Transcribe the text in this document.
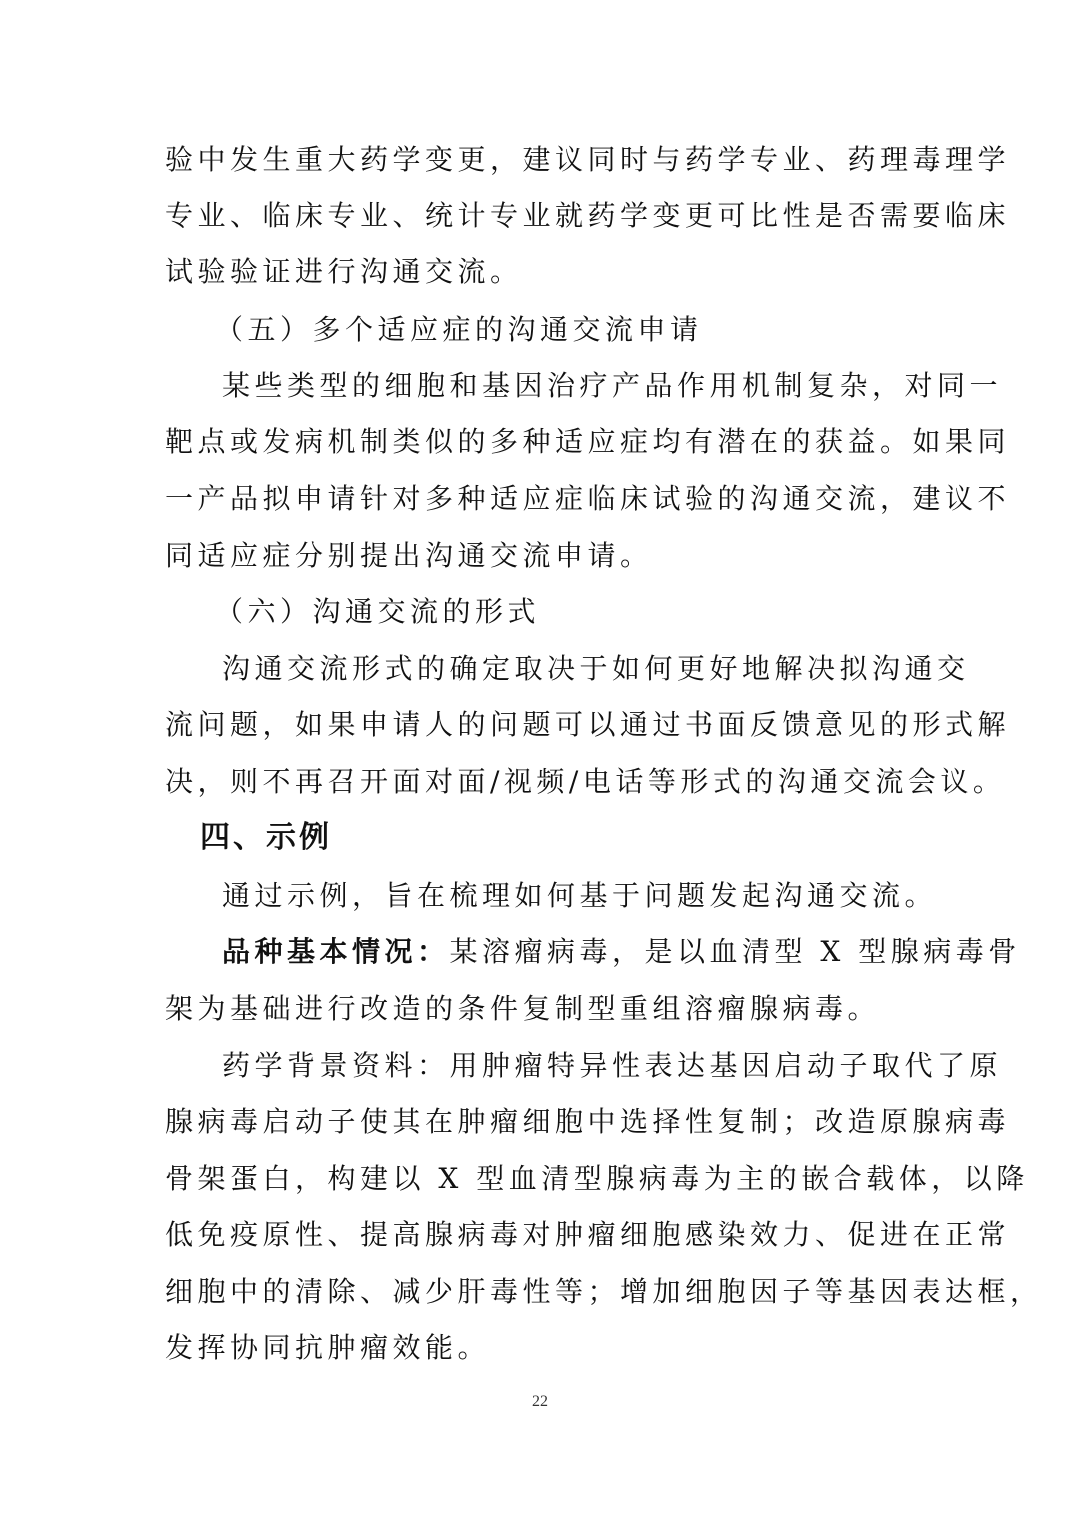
验中发生重大药学变更，建议同时与药学专业、药理毒理学
专业、临床专业、统计专业就药学变更可比性是否需要临床
试验验证进行沟通交流。
（五）多个适应症的沟通交流申请
某些类型的细胞和基因治疗产品作用机制复杂，对同一
靶点或发病机制类似的多种适应症均有潜在的获益。如果同
一产品拟申请针对多种适应症临床试验的沟通交流，建议不
同适应症分别提出沟通交流申请。
（六）沟通交流的形式
沟通交流形式的确定取决于如何更好地解决拟沟通交
流问题，如果申请人的问题可以通过书面反馈意见的形式解
决，则不再召开面对面/视频/电话等形式的沟通交流会议。
四、示例
通过示例，旨在梳理如何基于问题发起沟通交流。
品种基本情况：某溶瘤病毒，是以血清型 X 型腺病毒骨
架为基础进行改造的条件复制型重组溶瘤腺病毒。
药学背景资料：用肿瘤特异性表达基因启动子取代了原
腺病毒启动子使其在肿瘤细胞中选择性复制；改造原腺病毒
骨架蛋白，构建以 X 型血清型腺病毒为主的嵌合载体，以降
低免疫原性、提高腺病毒对肿瘤细胞感染效力、促进在正常
细胞中的清除、减少肝毒性等；增加细胞因子等基因表达框，
发挥协同抗肿瘤效能。
22
